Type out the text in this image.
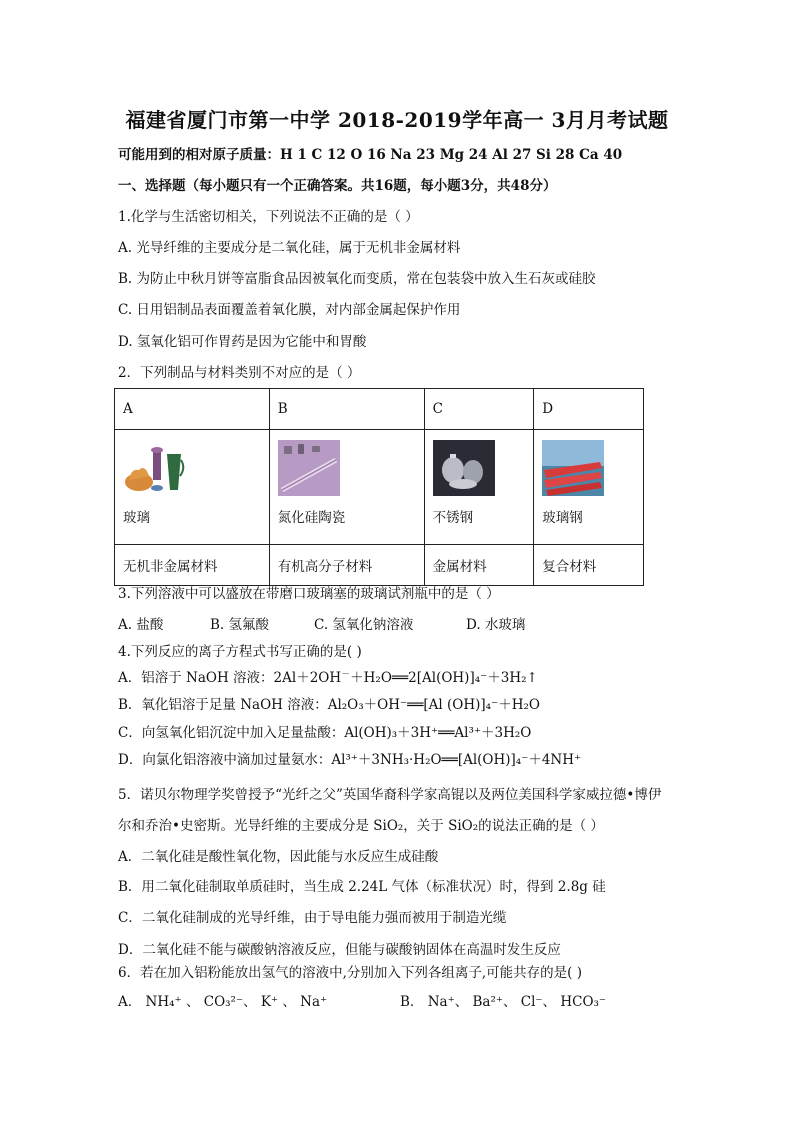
福建省厦门市第一中学 2018-2019学年高一 3月月考试题
可能用到的相对原子质量：H 1 C 12 O 16 Na 23 Mg 24 Al 27 Si 28 Ca 40
一、选择题（每小题只有一个正确答案。共16题，每小题3分，共48分）
1.化学与生活密切相关，下列说法不正确的是（ ）
A. 光导纤维的主要成分是二氧化硅，属于无机非金属材料
B. 为防止中秋月饼等富脂食品因被氧化而变质，常在包装袋中放入生石灰或硅胶
C. 日用铝制品表面覆盖着氧化膜，对内部金属起保护作用
D. 氢氧化铝可作胃药是因为它能中和胃酸
2．下列制品与材料类别不对应的是（ ）
A	B	C	D

玻璃	氮化硅陶瓷	不锈钢	玻璃钢

无机非金属材料	有机高分子材料	金属材料	复合材料
3.下列溶液中可以盛放在带磨口玻璃塞的玻璃试剂瓶中的是（ ）
A. 盐酸	B. 氢氟酸	C. 氢氧化钠溶液	D. 水玻璃
4.下列反应的离子方程式书写正确的是( )
A．铝溶于 NaOH 溶液：2Al＋2OH－＋H₂O══2[Al(OH)]₄⁻＋3H₂↑
B．氧化铝溶于足量 NaOH 溶液：Al₂O₃＋OH⁻══[Al (OH)]₄⁻＋H₂O
C．向氢氧化铝沉淀中加入足量盐酸：Al(OH)₃＋3H⁺══Al³⁺＋3H₂O
D．向氯化铝溶液中滴加过量氨水：Al³⁺＋3NH₃·H₂O══[Al(OH)]₄⁻＋4NH⁺
5．诺贝尔物理学奖曾授予“光纤之父”英国华裔科学家高锟以及两位美国科学家威拉德•博伊
尔和乔治•史密斯。光导纤维的主要成分是 SiO₂，关于 SiO₂的说法正确的是（ ）
A．二氧化硅是酸性氧化物，因此能与水反应生成硅酸
B．用二氧化硅制取单质硅时，当生成 2.24L 气体（标准状况）时，得到 2.8g 硅
C．二氧化硅制成的光导纤维，由于导电能力强而被用于制造光缆
D．二氧化硅不能与碳酸钠溶液反应，但能与碳酸钠固体在高温时发生反应
6．若在加入铝粉能放出氢气的溶液中,分别加入下列各组离子,可能共存的是( )
A． NH₄⁺ 、 CO₃²⁻、 K⁺ 、 Na⁺	B． Na⁺、 Ba²⁺、 Cl⁻、 HCO₃⁻
